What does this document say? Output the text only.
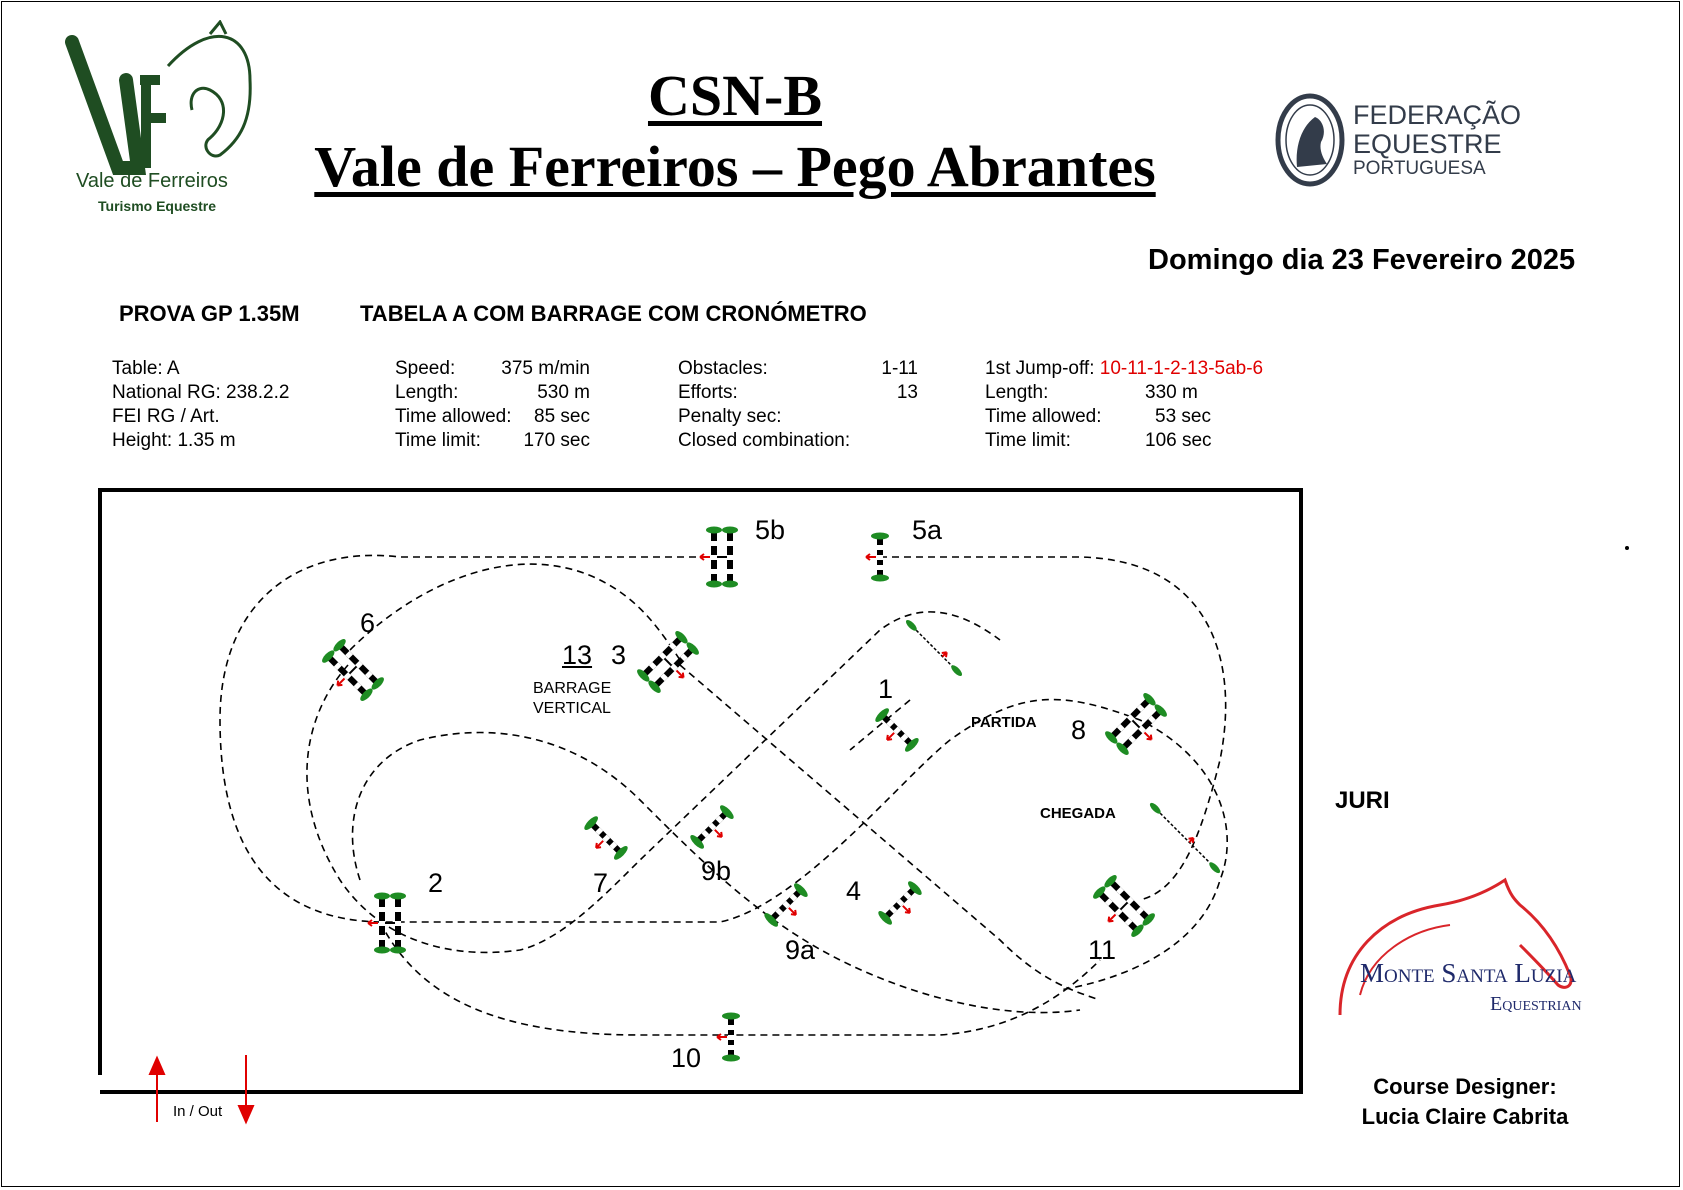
Vale de Ferreiros
Turismo Equestre
CSN-B
Vale de Ferreiros – Pego Abrantes
FEDERAÇÃO
EQUESTRE
PORTUGUESA
Domingo dia 23 Fevereiro 2025
PROVA GP 1.35M	TABELA A COM BARRAGE COM CRONÓMETRO
Table: A
National RG: 238.2.2
FEI RG / Art.
Height: 1.35 m
Speed:
Length:
Time allowed:
Time limit:
375 m/min
530 m
85 sec
170 sec
Obstacles:
Efforts:
Penalty sec:
Closed combination:
1-11
13
1st Jump-off: 10-11-1-2-13-5ab-6
Length:
Time allowed:
Time limit:
330 m
53 sec
106 sec
1
2
3
4
5a
5b
6
7
8
9a
9b
10
11
13
BARRAGE
VERTICAL
PARTIDA
CHEGADA
In / Out
JURI
Monte Santa Luzia
Equestrian
Course Designer:
Lucia Claire Cabrita
